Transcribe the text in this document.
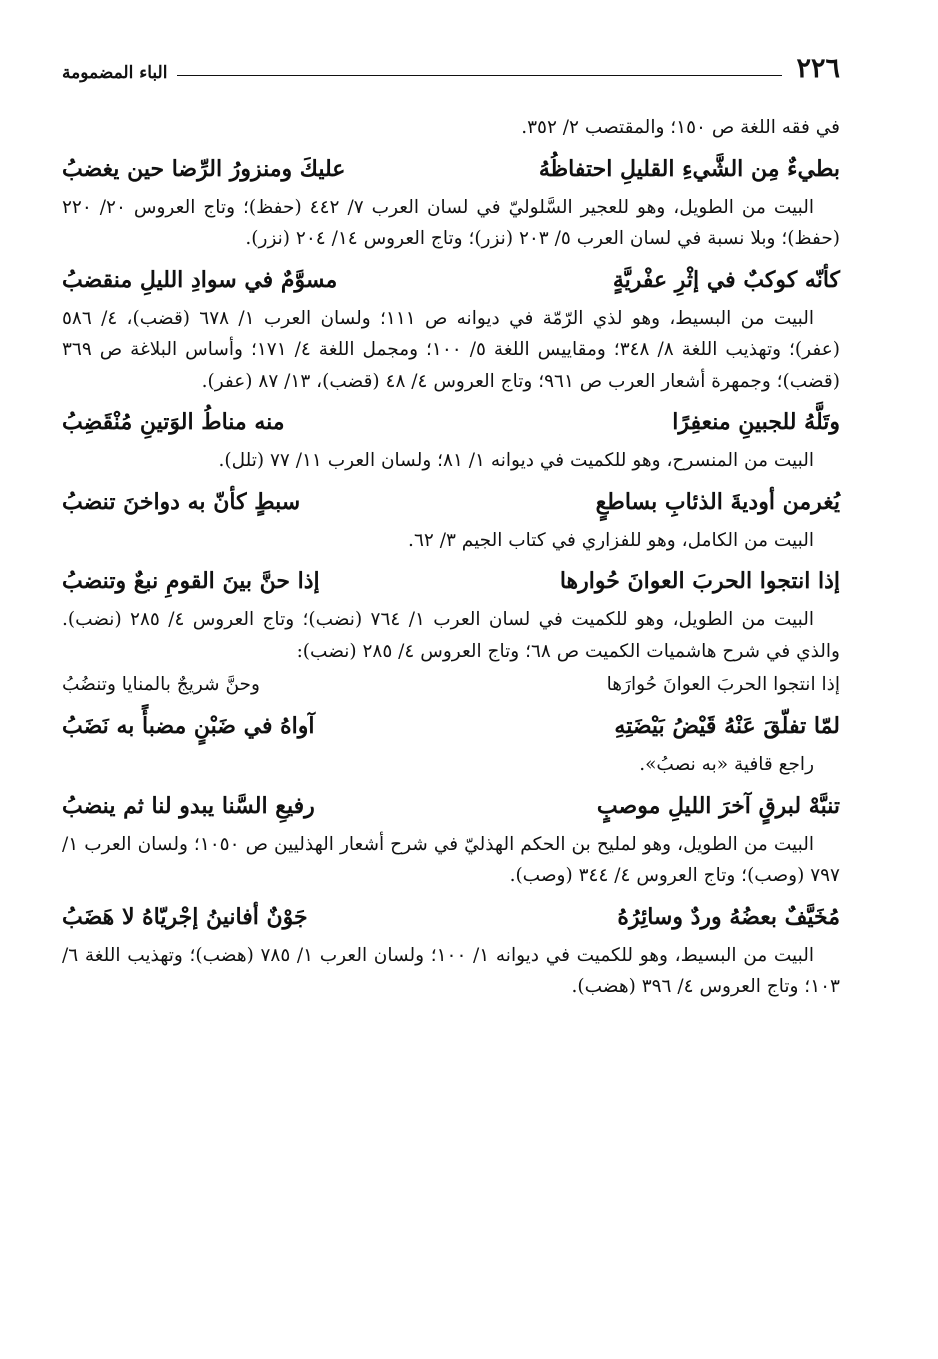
٢٢٦
الباء المضمومة

في فقه اللغة ص ١٥٠؛ والمقتصب ٢/ ٣٥٢.

بطيءٌ مِن الشَّيءِ القليلِ احتفاظُهُ
عليكَ ومنزورُ الرِّضا حين يغضبُ

البيت من الطويل، وهو للعجير السَّلوليّ في لسان العرب ٧/ ٤٤٢ (حفظ)؛ وتاج العروس ٢٠/ ٢٢٠ (حفظ)؛ وبلا نسبة في لسان العرب ٥/ ٢٠٣ (نزر)؛ وتاج العروس ١٤/ ٢٠٤ (نزر).

كأنّه كوكبٌ في إثْرِ عفْريَّةٍ
مسوَّمٌ في سوادِ الليلِ منقضبُ

البيت من البسيط، وهو لذي الرّمّة في ديوانه ص ١١١؛ ولسان العرب ١/ ٦٧٨ (قضب)، ٤/ ٥٨٦ (عفر)؛ وتهذيب اللغة ٨/ ٣٤٨؛ ومقاييس اللغة ٥/ ١٠٠؛ ومجمل اللغة ٤/ ١٧١؛ وأساس البلاغة ص ٣٦٩ (قضب)؛ وجمهرة أشعار العرب ص ٩٦١؛ وتاج العروس ٤/ ٤٨ (قضب)، ١٣/ ٨٧ (عفر).

وتَلَّهُ للجبينِ منعفِرًا
منه مناطُ الوَتينِ مُنْقَضِبُ

البيت من المنسرح، وهو للكميت في ديوانه ١/ ٨١؛ ولسان العرب ١١/ ٧٧ (تلل).

يُغرمن أوديةَ الذئابِ بساطعٍ
سبطٍ كأنّ به دواخنَ تنضبُ

البيت من الكامل، وهو للفزاري في كتاب الجيم ٣/ ٦٢.

إذا انتجوا الحربَ العوانَ حُوارها
إذا حنَّ بينَ القومِ نبعٌ وتنضبُ

البيت من الطويل، وهو للكميت في لسان العرب ١/ ٧٦٤ (نضب)؛ وتاج العروس ٤/ ٢٨٥ (نضب). والذي في شرح هاشميات الكميت ص ٦٨؛ وتاج العروس ٤/ ٢٨٥ (نضب):

إذا انتجوا الحربَ العوانَ حُوارَها
وحنَّ شريجٌ بالمنايا وتنضُبُ
لمّا تفلّقَ عَنْهُ قَيْضُ بَيْضَتِهِ
آواهُ في ضَبْنٍ مضبأً به نَضَبُ

راجع قافية «به نصبُ».

تنبَّهْ لبرقٍ آخرَ الليلِ موصبٍ
رفيعِ السَّنا يبدو لنا ثم ينضبُ

البيت من الطويل، وهو لمليح بن الحكم الهذليّ في شرح أشعار الهذليين ص ١٠٥٠؛ ولسان العرب ١/ ٧٩٧ (وصب)؛ وتاج العروس ٤/ ٣٤٤ (وصب).

مُخَيَّفٌ بعضُهُ وردٌ وسائِرُهُ
جَوْنٌ أفانينُ إجْريّاهُ لا هَضَبُ

البيت من البسيط، وهو للكميت في ديوانه ١/ ١٠٠؛ ولسان العرب ١/ ٧٨٥ (هضب)؛ وتهذيب اللغة ٦/ ١٠٣؛ وتاج العروس ٤/ ٣٩٦ (هضب).
